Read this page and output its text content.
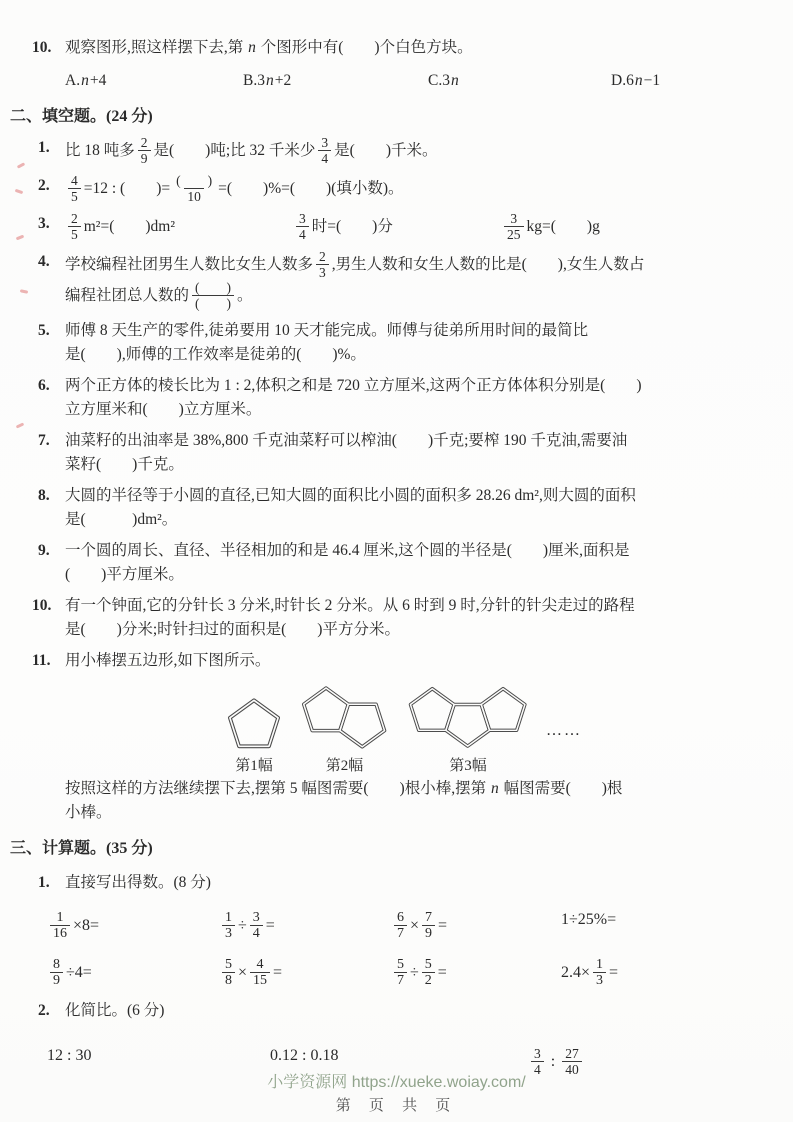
10. 观察图形,照这样摆下去,第 n 个图形中有(　　)个白色方块。
A.n+4	B.3n+2	C.3n	D.6n−1
二、填空题。(24 分)
1. 比 18 吨多 $\frac{2}{9}$ 是(　　)吨;比 32 千米少 $\frac{3}{4}$ 是(　　)千米。
2.	$\frac{4}{5} =12$ : (　　)= $\frac{( )}{10}$ =(　　)%=(　　)(填小数)。
3.	$\frac{2}{5} m^2=$(　　)dm²	$\frac{3}{4}$ 时=(　　)分	$\frac{3}{25} kg=$(　　)g
4. 学校编程社团男生人数比女生人数多 $\frac{2}{3}$ ,男生人数和女生人数的比是(　　),女生人数占
编程社团总人数的 $\frac{( )}{( )}$ 。
5. 师傅 8 天生产的零件,徒弟要用 10 天才能完成。师傅与徒弟所用时间的最简比
是(　　),师傅的工作效率是徒弟的(　　)%。
6. 两个正方体的棱长比为 1 : 2,体积之和是 720 立方厘米,这两个正方体体积分别是(　　)
立方厘米和(　　)立方厘米。
7. 油菜籽的出油率是 38%,800 千克油菜籽可以榨油(　　)千克;要榨 190 千克油,需要油
菜籽(　　)千克。
8. 大圆的半径等于小圆的直径,已知大圆的面积比小圆的面积多 28.26 dm²,则大圆的面积
是(　　　)dm²。
9. 一个圆的周长、直径、半径相加的和是 46.4 厘米,这个圆的半径是(　　)厘米,面积是
(　　)平方厘米。
10. 有一个钟面,它的分针长 3 分米,时针长 2 分米。从 6 时到 9 时,分针的针尖走过的路程
是(　　)分米;时针扫过的面积是(　　)平方分米。
11. 用小棒摆五边形,如下图所示。
第1幅	第2幅	第3幅
……
按照这样的方法继续摆下去,摆第 5 幅图需要(　　)根小棒,摆第 n 幅图需要(　　)根
小棒。
三、计算题。(35 分)
1. 直接写出得数。(8 分)
$\frac{1}{16} \times 8=$	$\frac{1}{3} \div \frac{3}{4}$ =	$\frac{6}{7} \times \frac{7}{9}$ =	1÷25%=
$\frac{8}{9} \div 4=$	$\frac{5}{8} \times \frac{4}{15}$ =	$\frac{5}{7} \div \frac{5}{2}$ =	$2.4\times \frac{1}{3}$ =
2. 化简比。(6 分)
12 : 30	0.12 : 0.18	$\frac{3}{4}$ : $\frac{27}{40}$
小学资源网 https://xueke.woiay.com/
第 页 共 页
